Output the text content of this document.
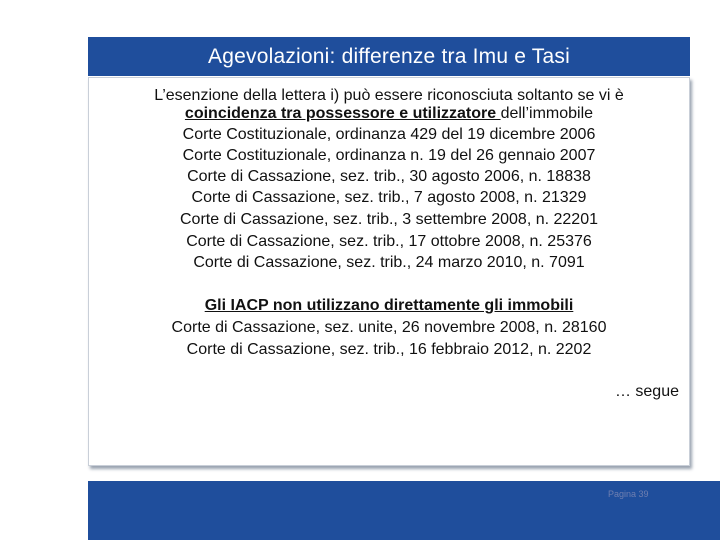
Agevolazioni: differenze tra Imu e Tasi
L’esenzione della lettera i) può essere riconosciuta soltanto se vi è
coincidenza tra possessore e utilizzatore dell’immobile
Corte Costituzionale, ordinanza 429 del 19 dicembre 2006
Corte Costituzionale, ordinanza n. 19 del 26 gennaio 2007
Corte di Cassazione, sez. trib., 30 agosto 2006, n. 18838
Corte di Cassazione, sez. trib., 7 agosto 2008, n. 21329
Corte di Cassazione, sez. trib., 3 settembre 2008, n. 22201
Corte di Cassazione, sez. trib., 17 ottobre 2008, n. 25376
Corte di Cassazione, sez. trib., 24 marzo 2010, n. 7091
Gli IACP non utilizzano direttamente gli immobili
Corte di Cassazione, sez. unite, 26 novembre 2008, n. 28160
Corte di Cassazione, sez. trib., 16 febbraio 2012, n. 2202
… segue
Pagina 39
